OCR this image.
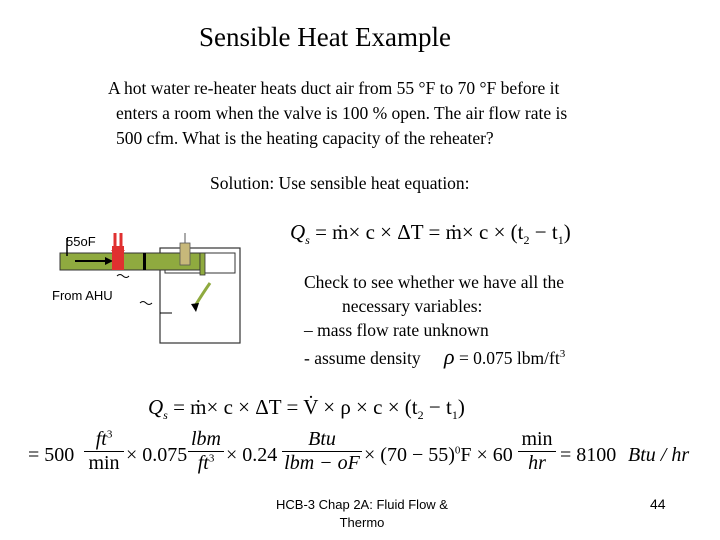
Sensible Heat Example
A hot water re-heater heats duct air from 55 °F to 70 °F before it
enters a room when the valve is 100 % open. The air flow rate is
500 cfm. What is the heating capacity of the reheater?
Solution: Use sensible heat equation:
$Q_s$ = ṁ× c × ΔT = ṁ× $c \times (t_2 - t_1)$
55oF
From AHU
Check to see whether we have all the
necessary variables:
– mass flow rate unknown
- assume density ρ = 0.075 lbm/$ft^3$
$Q_s$ = ṁ× c × ΔT = V̇ × $\rho \times c \times (t_2 - t_1)$
= 500
$ft^3$
min × 0.075
lbm
$ft^3 \times 0.24$
Btu
lbm − oF × $(70 - 55)^0F \times 60$
min
hr = 8100 Btu / hr
HCB-3 Chap 2A: Fluid Flow &
Thermo
44
